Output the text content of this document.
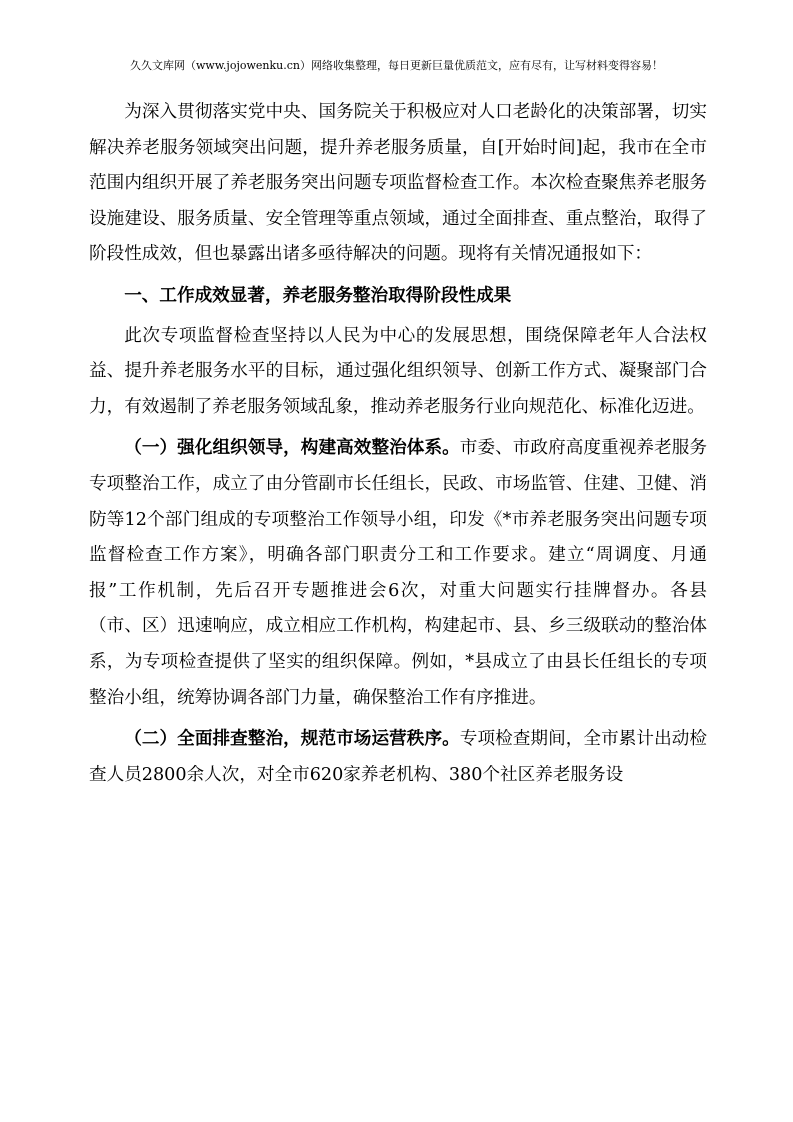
久久文库网（www.jojowenku.cn）网络收集整理，每日更新巨量优质范文，应有尽有，让写材料变得容易！

为深入贯彻落实党中央、国务院关于积极应对人口老龄化的决策部署，切实解决养老服务领域突出问题，提升养老服务质量，自[开始时间]起，我市在全市范围内组织开展了养老服务突出问题专项监督检查工作。本次检查聚焦养老服务设施建设、服务质量、安全管理等重点领域，通过全面排查、重点整治，取得了阶段性成效，但也暴露出诸多亟待解决的问题。现将有关情况通报如下：

一、工作成效显著，养老服务整治取得阶段性成果

此次专项监督检查坚持以人民为中心的发展思想，围绕保障老年人合法权益、提升养老服务水平的目标，通过强化组织领导、创新工作方式、凝聚部门合力，有效遏制了养老服务领域乱象，推动养老服务行业向规范化、标准化迈进。

（一）强化组织领导，构建高效整治体系。市委、市政府高度重视养老服务专项整治工作，成立了由分管副市长任组长，民政、市场监管、住建、卫健、消防等12个部门组成的专项整治工作领导小组，印发《*市养老服务突出问题专项监督检查工作方案》，明确各部门职责分工和工作要求。建立“周调度、月通报”工作机制，先后召开专题推进会6次，对重大问题实行挂牌督办。各县（市、区）迅速响应，成立相应工作机构，构建起市、县、乡三级联动的整治体系，为专项检查提供了坚实的组织保障。例如，*县成立了由县长任组长的专项整治小组，统筹协调各部门力量，确保整治工作有序推进。

（二）全面排查整治，规范市场运营秩序。专项检查期间，全市累计出动检查人员2800余人次，对全市620家养老机构、380个社区养老服务设
